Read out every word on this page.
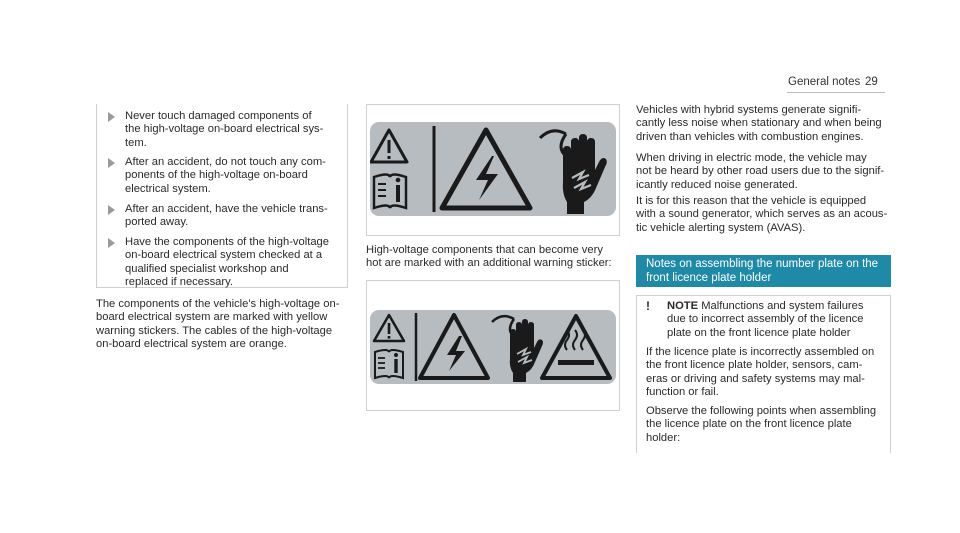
General notes 29
Never touch damaged components of
the high-voltage on-board electrical sys-
tem.
After an accident, do not touch any com-
ponents of the high-voltage on-board
electrical system.
After an accident, have the vehicle trans-
ported away.
Have the components of the high-voltage
on-board electrical system checked at a
qualified specialist workshop and
replaced if necessary.
The components of the vehicle's high-voltage on-
board electrical system are marked with yellow
warning stickers. The cables of the high-voltage
on-board electrical system are orange.
High-voltage components that can become very
hot are marked with an additional warning sticker:
Vehicles with hybrid systems generate signifi-
cantly less noise when stationary and when being
driven than vehicles with combustion engines.
When driving in electric mode, the vehicle may
not be heard by other road users due to the signif-
icantly reduced noise generated.
It is for this reason that the vehicle is equipped
with a sound generator, which serves as an acous-
tic vehicle alerting system (AVAS).
Notes on assembling the number plate on the
front licence plate holder
! NOTE Malfunctions and system failures
due to incorrect assembly of the licence
plate on the front licence plate holder
If the licence plate is incorrectly assembled on
the front licence plate holder, sensors, cam-
eras or driving and safety systems may mal-
function or fail.
Observe the following points when assembling
the licence plate on the front licence plate
holder:
